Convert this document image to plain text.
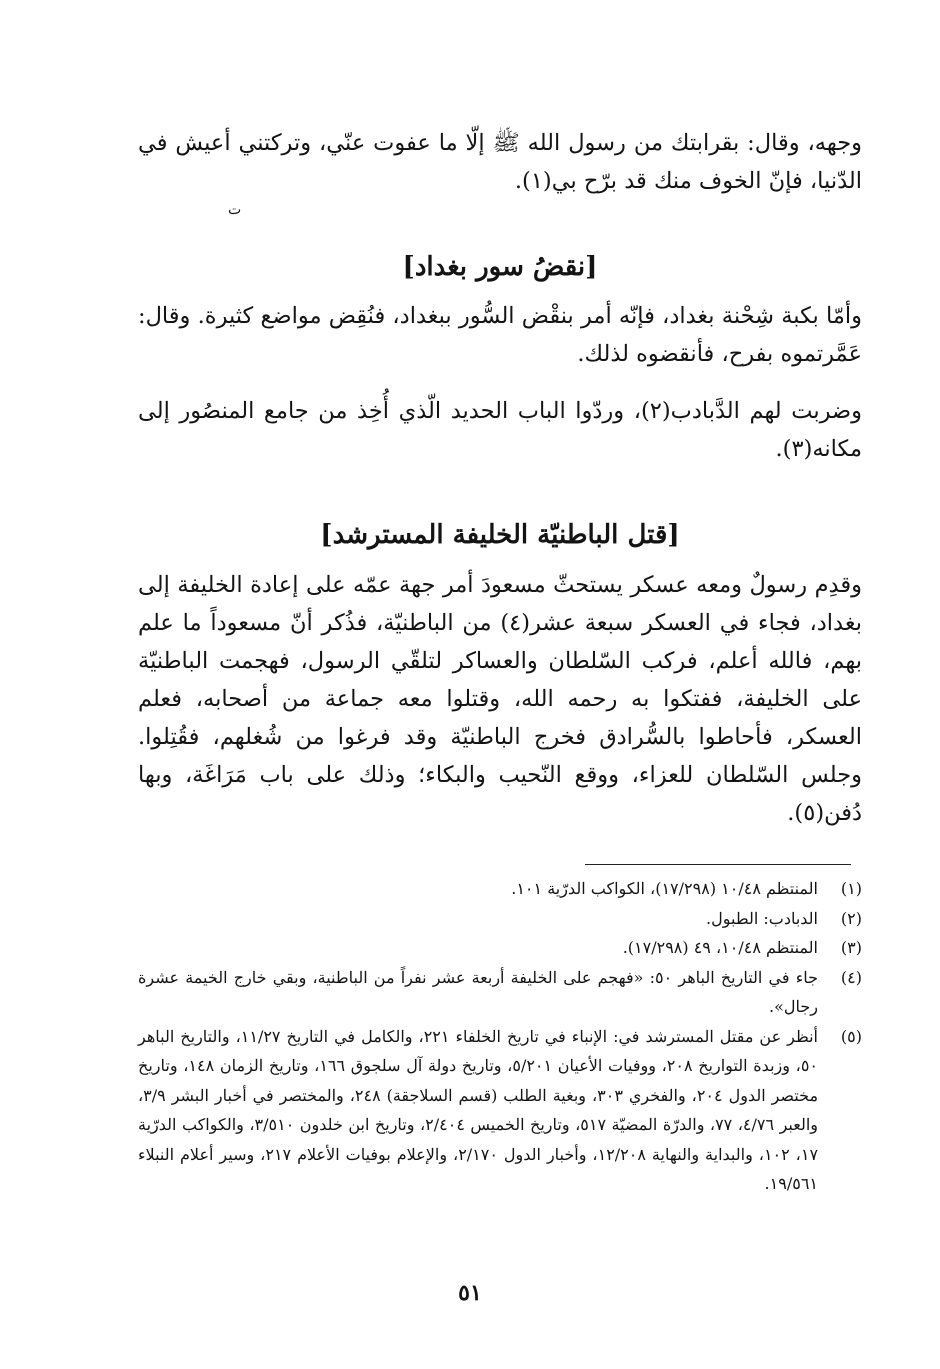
وجهه، وقال: بقرابتك من رسول الله ﷺ إلّا ما عفوت عنّي، وتركتني أعيش في الدّنيا، فإنّ الخوف منك قد برّح بي(١).

ت
[نقضُ سور بغداد]

وأمّا بكبة شِحْنة بغداد، فإنّه أمر بنقْض السُّور ببغداد، فنُقِض مواضع كثيرة. وقال: عَمَّرتموه بفرح، فأنقضوه لذلك.

وضربت لهم الدَّبادب(٢)، وردّوا الباب الحديد الّذي أُخِذ من جامع المنصُور إلى مكانه(٣).

[قتل الباطنيّة الخليفة المسترشد]

وقدِم رسولٌ ومعه عسكر يستحثّ مسعودَ أمر جهة عمّه على إعادة الخليفة إلى بغداد، فجاء في العسكر سبعة عشر(٤) من الباطنيّة، فذُكر أنّ مسعوداً ما علم بهم، فالله أعلم، فركب السّلطان والعساكر لتلقّي الرسول، فهجمت الباطنيّة على الخليفة، ففتكوا به رحمه الله، وقتلوا معه جماعة من أصحابه، فعلم العسكر، فأحاطوا بالسُّرادق فخرج الباطنيّة وقد فرغوا من شُغلهم، فقُتِلوا. وجلس السّلطان للعزاء، ووقع النّحيب والبكاء؛ وذلك على باب مَرَاغَة، وبها دُفن(٥).

(١)
المنتظم ١٠/٤٨ (١٧/٢٩٨)، الكواكب الدرّية ١٠١.
(٢)
الدبادب: الطبول.
(٣)
المنتظم ١٠/٤٨، ٤٩ (١٧/٢٩٨).
(٤)
جاء في التاريخ الباهر ٥٠: «فهجم على الخليفة أربعة عشر نفراً من الباطنية، وبقي خارج الخيمة عشرة رجال».
(٥)
أنظر عن مقتل المسترشد في: الإنباء في تاريخ الخلفاء ٢٢١، والكامل في التاريخ ١١/٢٧، والتاريخ الباهر ٥٠، وزبدة التواريخ ٢٠٨، ووفيات الأعيان ٥/٢٠١، وتاريخ دولة آل سلجوق ١٦٦، وتاريخ الزمان ١٤٨، وتاريخ مختصر الدول ٢٠٤، والفخري ٣٠٣، وبغية الطلب (قسم السلاجقة) ٢٤٨، والمختصر في أخبار البشر ٣/٩، والعبر ٤/٧٦، ٧٧، والدرّة المضيّة ٥١٧، وتاريخ الخميس ٢/٤٠٤، وتاريخ ابن خلدون ٣/٥١٠، والكواكب الدرّية ١٧، ١٠٢، والبداية والنهاية ١٢/٢٠٨، وأخبار الدول ٢/١٧٠، والإعلام بوفيات الأعلام ٢١٧، وسير أعلام النبلاء ١٩/٥٦١.
٥١
